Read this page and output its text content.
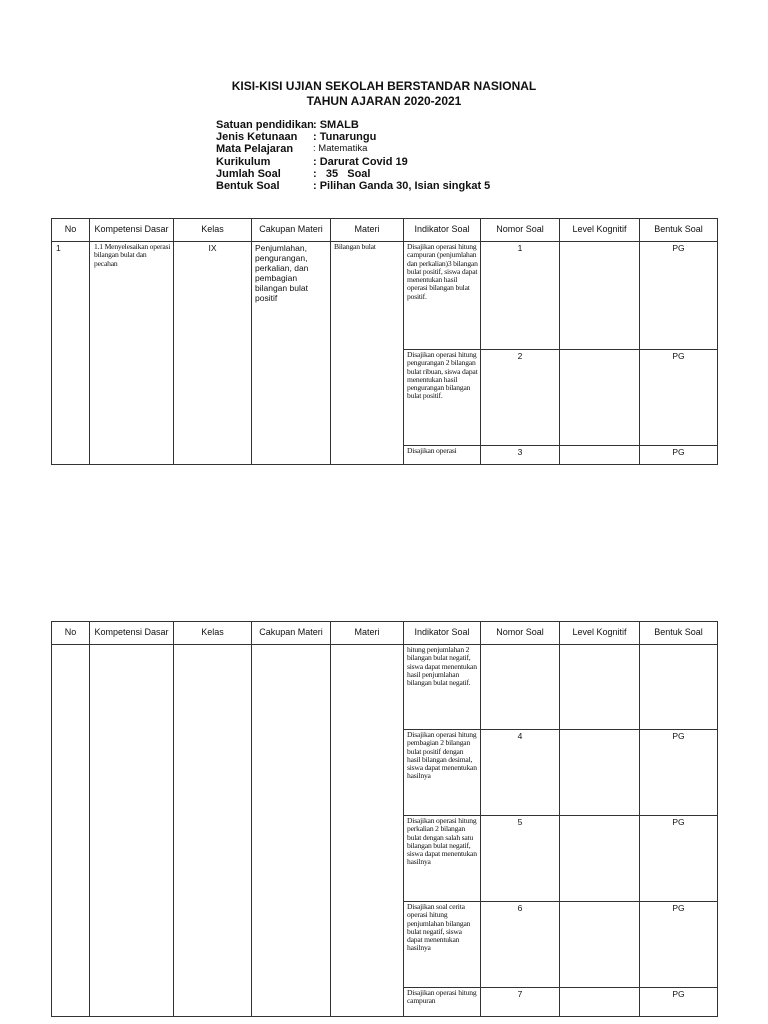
KISI-KISI UJIAN SEKOLAH BERSTANDAR NASIONAL
TAHUN AJARAN 2020-2021
Satuan pendidikan : SMALB
Jenis Ketunaan	: Tunarungu
Mata Pelajaran	: Matematika
Kurikulum	: Darurat Covid 19
Jumlah Soal	:   35   Soal
Bentuk Soal	: Pilihan Ganda 30, Isian singkat 5
No	Kompetensi Dasar	Kelas	Cakupan Materi	Materi	Indikator Soal	Nomor Soal	Level Kognitif	Bentuk Soal
1	1.1 Menyelesaikan operasi bilangan bulat dan pecahan	IX	Penjumlahan, pengurangan, perkalian, dan pembagian bilangan bulat positif	Bilangan bulat	Disajikan operasi hitung campuran (penjumlahan dan perkalian)3 bilangan bulat positif, siswa dapat menentukan hasil operasi bilangan bulat positif.	1		PG
					Disajikan operasi hitung pengurangan 2 bilangan bulat ribuan, siswa dapat menentukan hasil pengurangan bilangan bulat positif.	2		PG
					Disajikan operasi	3		PG
No	Kompetensi Dasar	Kelas	Cakupan Materi	Materi	Indikator Soal	Nomor Soal	Level Kognitif	Bentuk Soal
					hitung penjumlahan 2 bilangan bulat negatif, siswa dapat menentukan hasil penjumlahan bilangan bulat negatif.			
					Disajikan operasi hitung pembagian 2 bilangan bulat positif dengan hasil bilangan desimal, siswa dapat menentukan hasilnya	4		PG
					Disajikan operasi hitung perkalian 2 bilangan bulat dengan salah satu bilangan bulat negatif, siswa dapat menentukan hasilnya	5		PG
					Disajikan soal cerita operasi hitung penjumlahan bilangan bulat negatif, siswa dapat menentukan hasilnya	6		PG
					Disajikan operasi hitung campuran	7		PG
